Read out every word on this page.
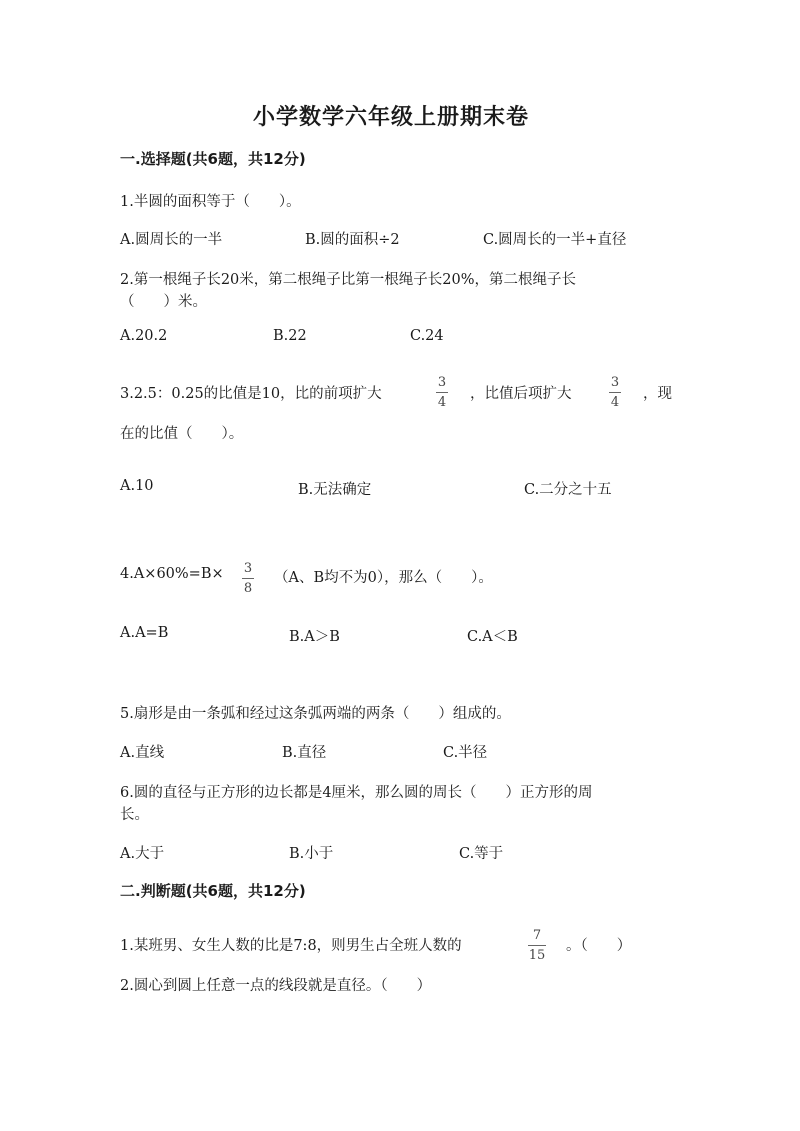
小学数学六年级上册期末卷
一.选择题(共6题，共12分)
1.半圆的面积等于（　　）。
A.圆周长的一半	B.圆的面积÷2	C.圆周长的一半+直径
2.第一根绳子长20米，第二根绳子比第一根绳子长20%，第二根绳子长
（　　）米。
A.20.2	B.22	C.24
3.2.5：0.25的比值是10，比的前项扩大
3
4
，比值后项扩大
3
4
，现
在的比值（　　）。
A.10	B.无法确定	C.二分之十五
4.A×60%=B× 3
8
（A、B均不为0），那么（　　）。
A.A=B	B.A＞B	C.A＜B
5.扇形是由一条弧和经过这条弧两端的两条（　　）组成的。
A.直线	B.直径	C.半径
6.圆的直径与正方形的边长都是4厘米，那么圆的周长（　　）正方形的周
长。
A.大于	B.小于	C.等于
二.判断题(共6题，共12分)
1.某班男、女生人数的比是7:8，则男生占全班人数的
7
15
。（　　）
2.圆心到圆上任意一点的线段就是直径。（　　）
